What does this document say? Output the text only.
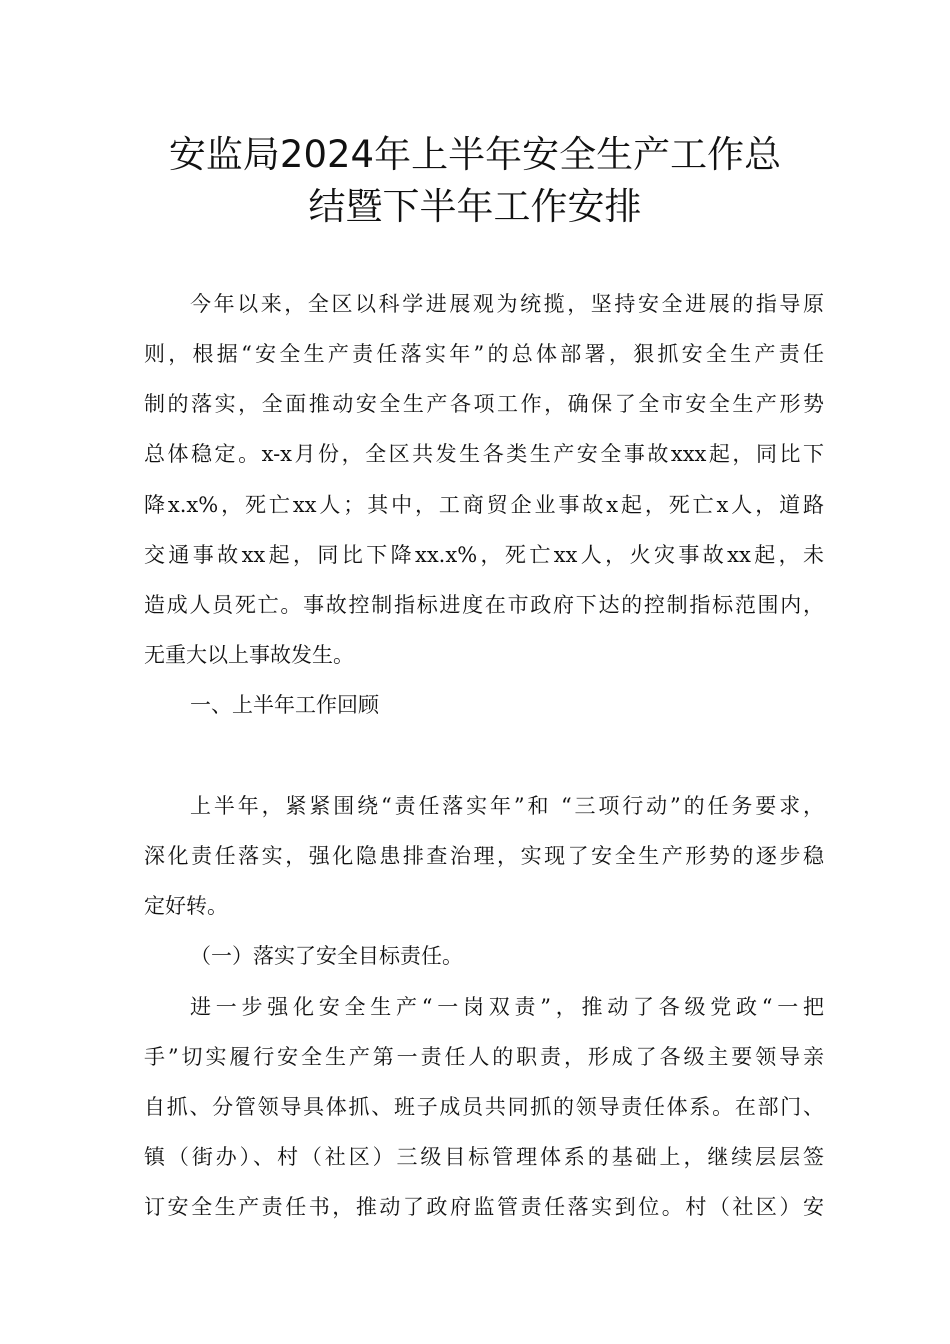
安监局2024年上半年安全生产工作总
结暨下半年工作安排
今年以来，全区以科学进展观为统揽，坚持安全进展的指导原
则，根据“安全生产责任落实年”的总体部署，狠抓安全生产责任
制的落实，全面推动安全生产各项工作，确保了全市安全生产形势
总体稳定。x-x月份，全区共发生各类生产安全事故xxx起，同比下
降x.x%，死亡xx人；其中，工商贸企业事故x起，死亡x人，道路
交通事故xx起，同比下降xx.x%，死亡xx人，火灾事故xx起，未
造成人员死亡。事故控制指标进度在市政府下达的控制指标范围内，
无重大以上事故发生。
一、上半年工作回顾
上半年，紧紧围绕“责任落实年”和 “三项行动”的任务要求，
深化责任落实，强化隐患排查治理，实现了安全生产形势的逐步稳
定好转。
（一）落实了安全目标责任。
进一步强化安全生产“一岗双责”，推动了各级党政“一把
手”切实履行安全生产第一责任人的职责，形成了各级主要领导亲
自抓、分管领导具体抓、班子成员共同抓的领导责任体系。在部门、
镇（街办）、村（社区）三级目标管理体系的基础上，继续层层签
订安全生产责任书，推动了政府监管责任落实到位。村（社区）安
